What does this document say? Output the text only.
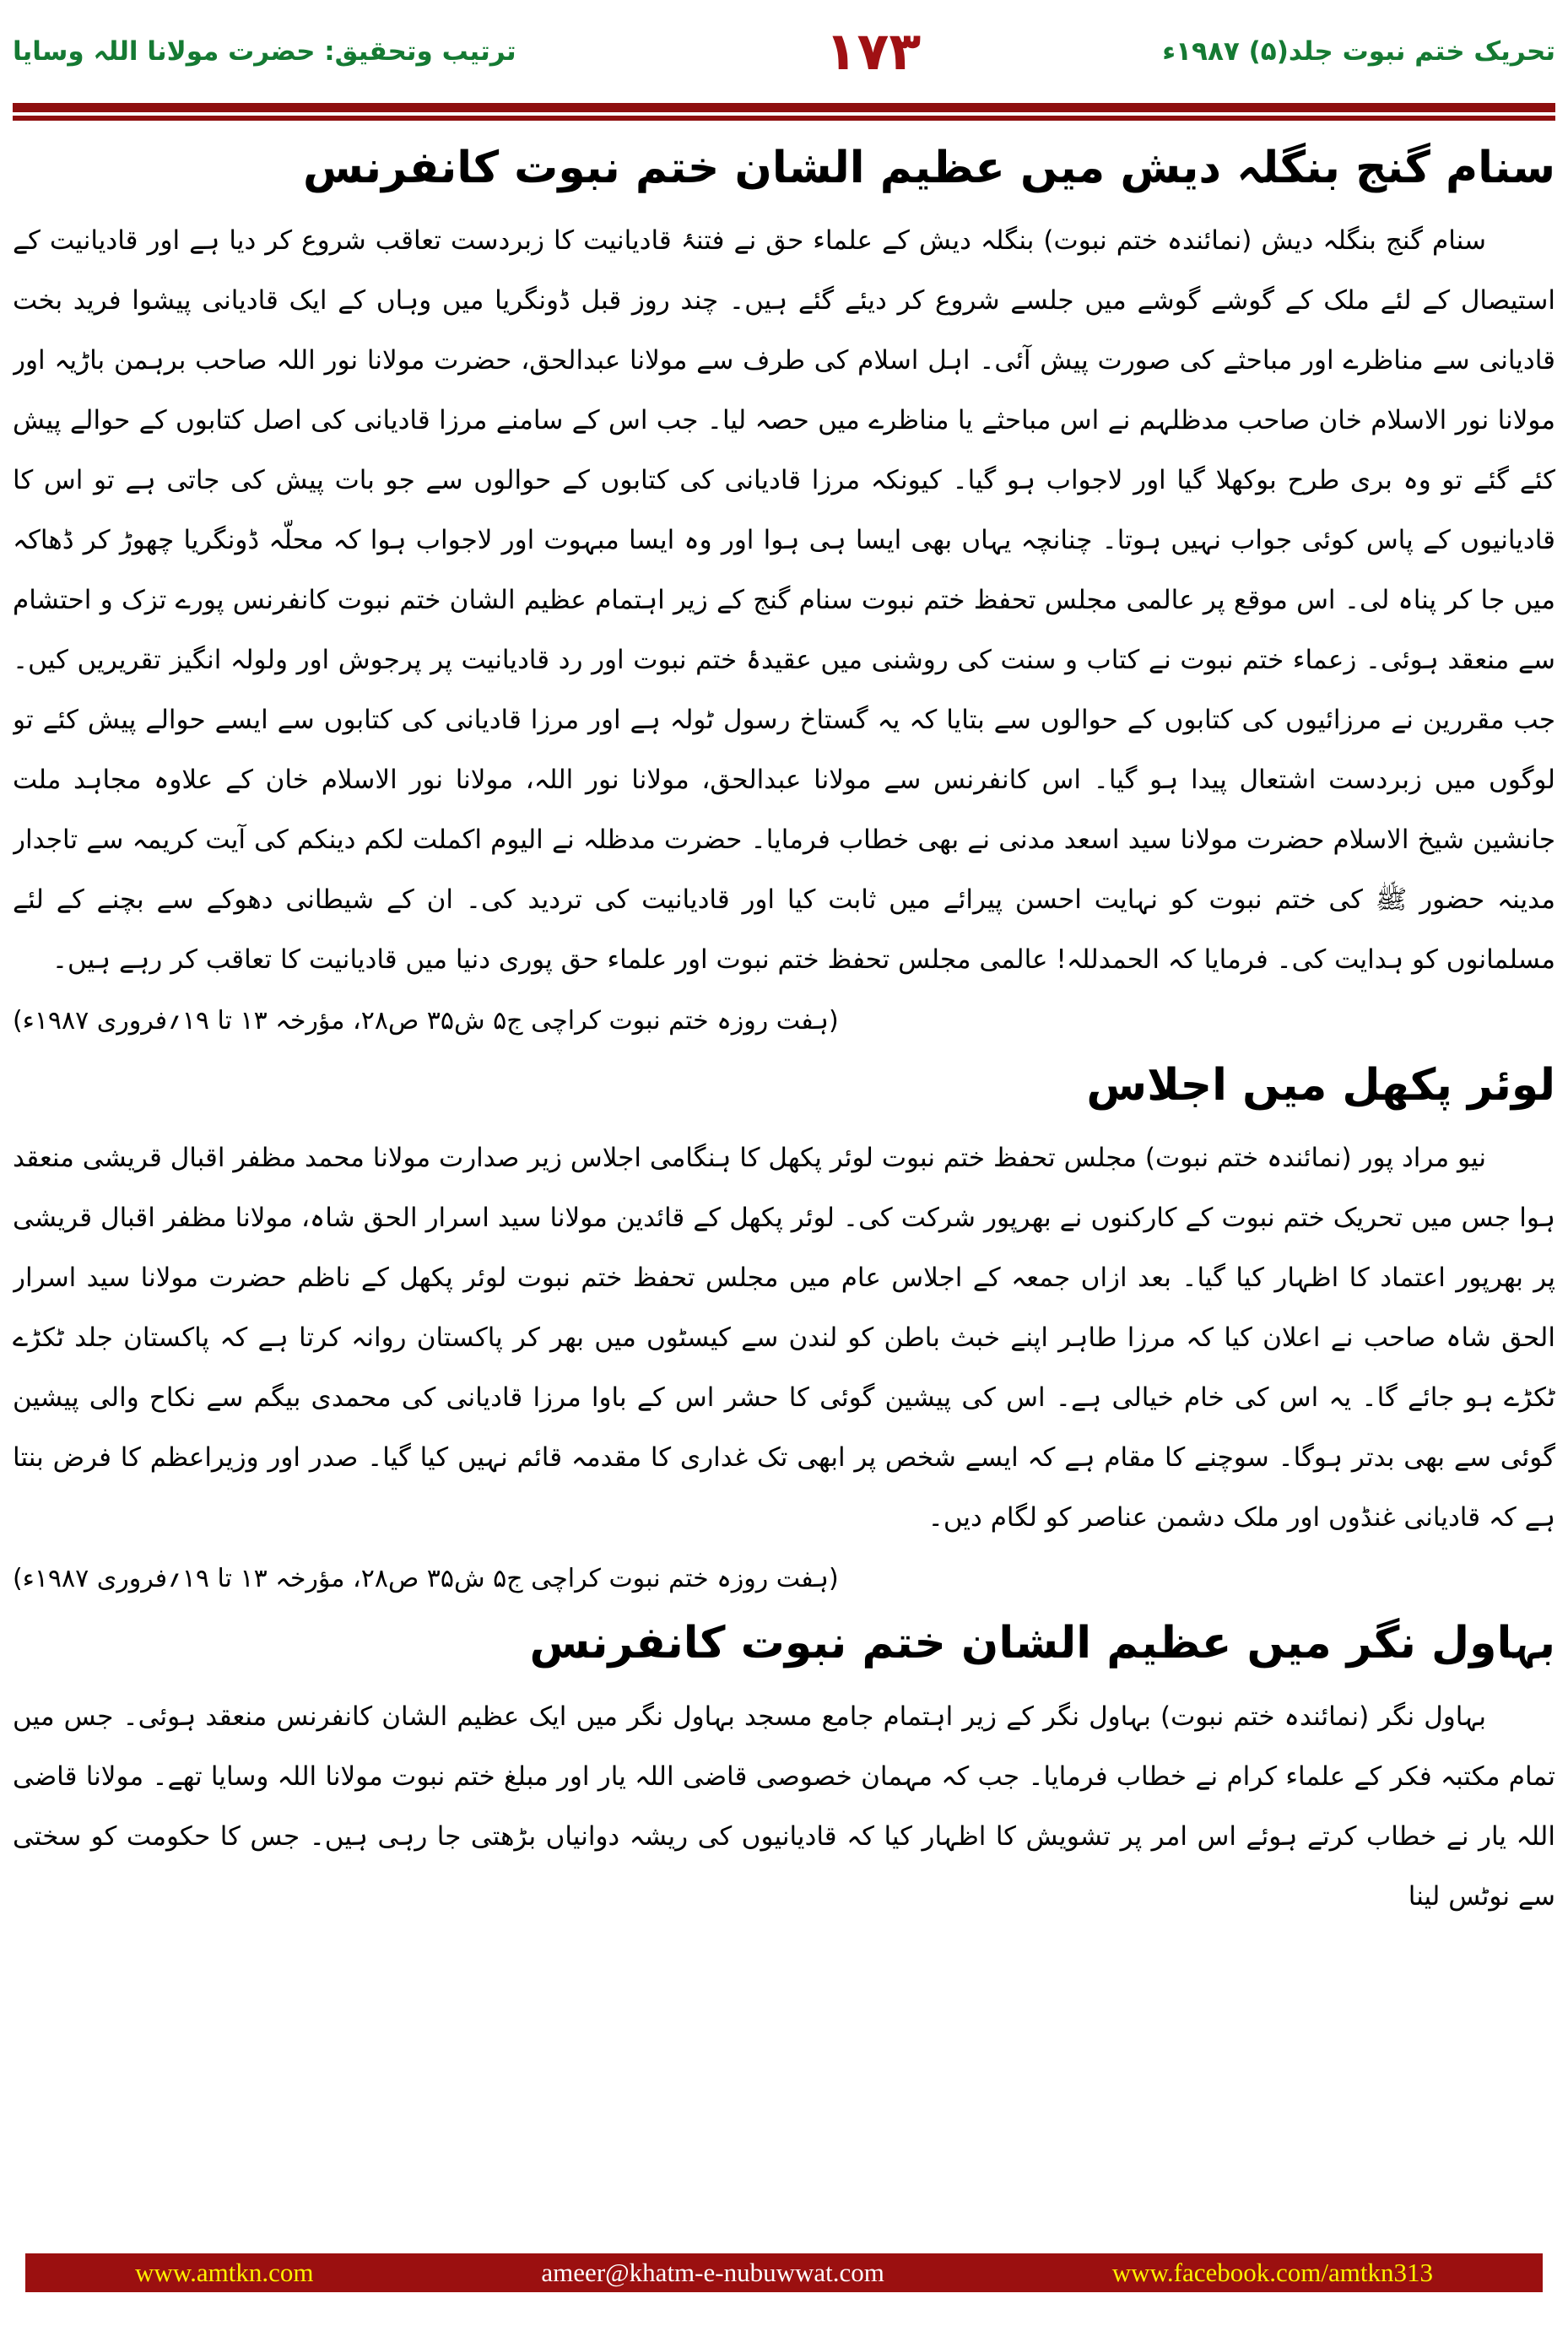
تحریک ختم نبوت جلد(۵) ۱۹۸۷ء
۱۷۳
ترتیب وتحقیق: حضرت مولانا اللہ وسایا
سنام گنج بنگلہ دیش میں عظیم الشان ختم نبوت کانفرنس

سنام گنج بنگلہ دیش (نمائندہ ختم نبوت) بنگلہ دیش کے علماء حق نے فتنۂ قادیانیت کا زبردست تعاقب شروع کر دیا ہے اور قادیانیت کے استیصال کے لئے ملک کے گوشے گوشے میں جلسے شروع کر دیئے گئے ہیں۔ چند روز قبل ڈونگریا میں وہاں کے ایک قادیانی پیشوا فرید بخت قادیانی سے مناظرے اور مباحثے کی صورت پیش آئی۔ اہل اسلام کی طرف سے مولانا عبدالحق، حضرت مولانا نور اللہ صاحب برہمن باڑیہ اور مولانا نور الاسلام خان صاحب مدظلہم نے اس مباحثے یا مناظرے میں حصہ لیا۔ جب اس کے سامنے مرزا قادیانی کی اصل کتابوں کے حوالے پیش کئے گئے تو وہ بری طرح بوکھلا گیا اور لاجواب ہو گیا۔ کیونکہ مرزا قادیانی کی کتابوں کے حوالوں سے جو بات پیش کی جاتی ہے تو اس کا قادیانیوں کے پاس کوئی جواب نہیں ہوتا۔ چنانچہ یہاں بھی ایسا ہی ہوا اور وہ ایسا مبہوت اور لاجواب ہوا کہ محلّہ ڈونگریا چھوڑ کر ڈھاکہ میں جا کر پناہ لی۔ اس موقع پر عالمی مجلس تحفظ ختم نبوت سنام گنج کے زیر اہتمام عظیم الشان ختم نبوت کانفرنس پورے تزک و احتشام سے منعقد ہوئی۔ زعماء ختم نبوت نے کتاب و سنت کی روشنی میں عقیدۂ ختم نبوت اور رد قادیانیت پر پرجوش اور ولولہ انگیز تقریریں کیں۔ جب مقررین نے مرزائیوں کی کتابوں کے حوالوں سے بتایا کہ یہ گستاخ رسول ٹولہ ہے اور مرزا قادیانی کی کتابوں سے ایسے حوالے پیش کئے تو لوگوں میں زبردست اشتعال پیدا ہو گیا۔ اس کانفرنس سے مولانا عبدالحق، مولانا نور اللہ، مولانا نور الاسلام خان کے علاوہ مجاہد ملت جانشین شیخ الاسلام حضرت مولانا سید اسعد مدنی نے بھی خطاب فرمایا۔ حضرت مدظلہ نے الیوم اکملت لکم دینکم کی آیت کریمہ سے تاجدار مدینہ حضور ﷺ کی ختم نبوت کو نہایت احسن پیرائے میں ثابت کیا اور قادیانیت کی تردید کی۔ ان کے شیطانی دھوکے سے بچنے کے لئے مسلمانوں کو ہدایت کی۔ فرمایا کہ الحمدللہ! عالمی مجلس تحفظ ختم نبوت اور علماء حق پوری دنیا میں قادیانیت کا تعاقب کر رہے ہیں۔

(ہفت روزہ ختم نبوت کراچی ج۵ ش۳۵ ص۲۸، مؤرخہ ۱۳ تا ۱۹؍فروری ۱۹۸۷ء)
لوئر پکھل میں اجلاس

نیو مراد پور (نمائندہ ختم نبوت) مجلس تحفظ ختم نبوت لوئر پکھل کا ہنگامی اجلاس زیر صدارت مولانا محمد مظفر اقبال قریشی منعقد ہوا جس میں تحریک ختم نبوت کے کارکنوں نے بھرپور شرکت کی۔ لوئر پکھل کے قائدین مولانا سید اسرار الحق شاہ، مولانا مظفر اقبال قریشی پر بھرپور اعتماد کا اظہار کیا گیا۔ بعد ازاں جمعہ کے اجلاس عام میں مجلس تحفظ ختم نبوت لوئر پکھل کے ناظم حضرت مولانا سید اسرار الحق شاہ صاحب نے اعلان کیا کہ مرزا طاہر اپنے خبث باطن کو لندن سے کیسٹوں میں بھر کر پاکستان روانہ کرتا ہے کہ پاکستان جلد ٹکڑے ٹکڑے ہو جائے گا۔ یہ اس کی خام خیالی ہے۔ اس کی پیشین گوئی کا حشر اس کے باوا مرزا قادیانی کی محمدی بیگم سے نکاح والی پیشین گوئی سے بھی بدتر ہوگا۔ سوچنے کا مقام ہے کہ ایسے شخص پر ابھی تک غداری کا مقدمہ قائم نہیں کیا گیا۔ صدر اور وزیراعظم کا فرض بنتا ہے کہ قادیانی غنڈوں اور ملک دشمن عناصر کو لگام دیں۔

(ہفت روزہ ختم نبوت کراچی ج۵ ش۳۵ ص۲۸، مؤرخہ ۱۳ تا ۱۹؍فروری ۱۹۸۷ء)
بہاول نگر میں عظیم الشان ختم نبوت کانفرنس

بہاول نگر (نمائندہ ختم نبوت) بہاول نگر کے زیر اہتمام جامع مسجد بہاول نگر میں ایک عظیم الشان کانفرنس منعقد ہوئی۔ جس میں تمام مکتبہ فکر کے علماء کرام نے خطاب فرمایا۔ جب کہ مہمان خصوصی قاضی اللہ یار اور مبلغ ختم نبوت مولانا اللہ وسایا تھے۔ مولانا قاضی اللہ یار نے خطاب کرتے ہوئے اس امر پر تشویش کا اظہار کیا کہ قادیانیوں کی ریشہ دوانیاں بڑھتی جا رہی ہیں۔ جس کا حکومت کو سختی سے نوٹس لینا

www.amtkn.com	ameer@khatm-e-nubuwwat.com	www.facebook.com/amtkn313
